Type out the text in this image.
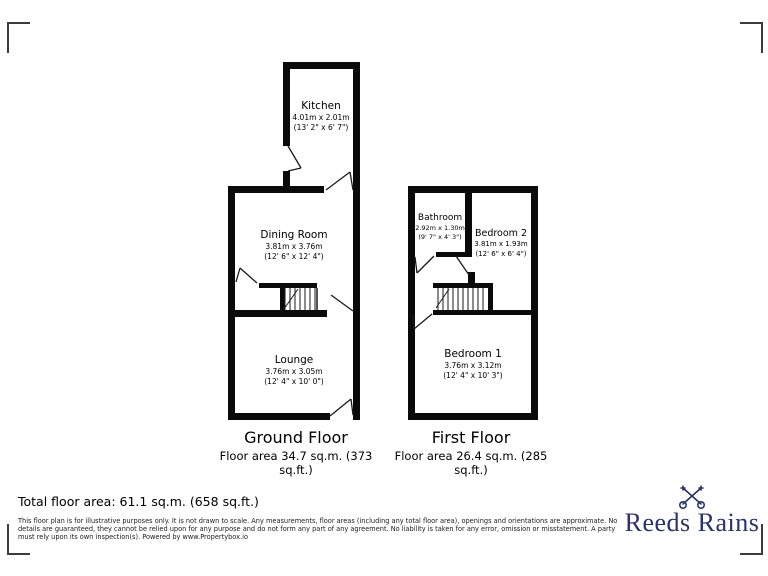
Kitchen
4.01m x 2.01m
(13' 2" x 6' 7")
Dining Room
3.81m x 3.76m
(12' 6" x 12' 4")
Lounge
3.76m x 3.05m
(12' 4" x 10' 0")
Bathroom
2.92m x 1.30m
(9' 7" x 4' 3")	Bedroom 2
3.81m x 1.93m
(12' 6" x 6' 4")
Bedroom 1
3.76m x 3.12m
(12' 4" x 10' 3")
Ground Floor
Floor area 34.7 sq.m. (373 sq.ft.)
First Floor
Floor area 26.4 sq.m. (285 sq.ft.)
Total floor area: 61.1 sq.m. (658 sq.ft.)
This floor plan is for illustrative purposes only. It is not drawn to scale. Any measurements, floor areas (including any total floor area), openings and orientations are approximate. No details are guaranteed, they cannot be relied upon for any purpose and do not form any part of any agreement. No liability is taken for any error, omission or misstatement. A party must rely upon its own inspection(s). Powered by www.Propertybox.io	Reeds Rains
